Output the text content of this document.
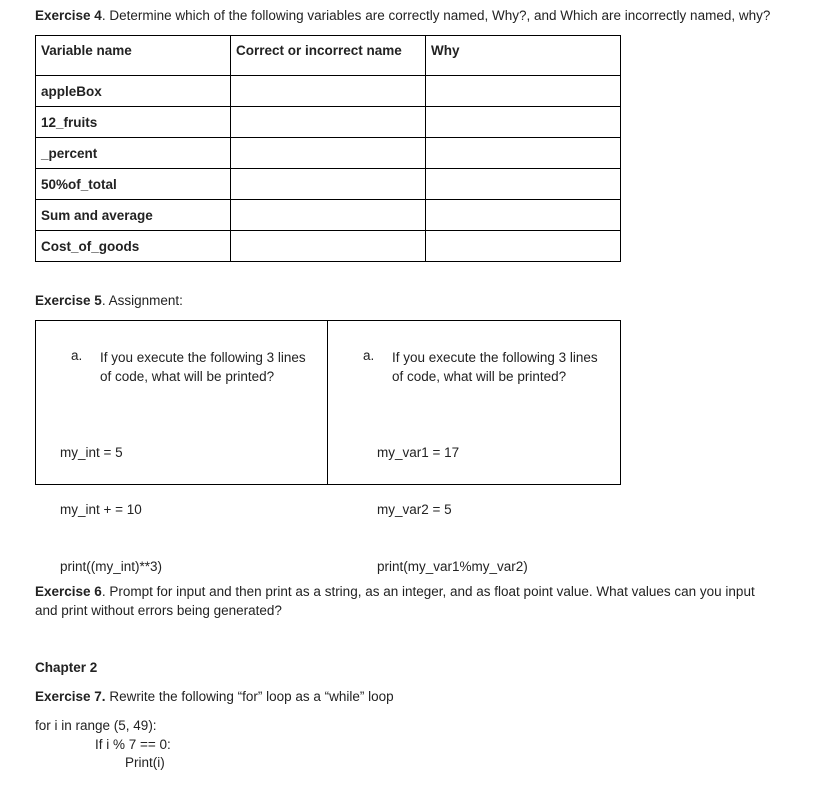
Exercise 4. Determine which of the following variables are correctly named, Why?, and Which are incorrectly named, why?
Variable name	Correct or incorrect name	Why
appleBox		
12_fruits		
_percent		
50%of_total		
Sum and average		
Cost_of_goods		
Exercise 5. Assignment:
a. If you execute the following 3 lines
of code, what will be printed?

my_int = 5

my_int + = 10

print((my_int)**3)

a. If you execute the following 3 lines
of code, what will be printed?

my_var1 = 17

my_var2 = 5

print(my_var1%my_var2)

Exercise 6. Prompt for input and then print as a string, as an integer, and as float point value. What values can you input
and print without errors being generated?
Chapter 2
Exercise 7. Rewrite the following “for” loop as a “while” loop
for i in range (5, 49):
If i % 7 == 0:
Print(i)
